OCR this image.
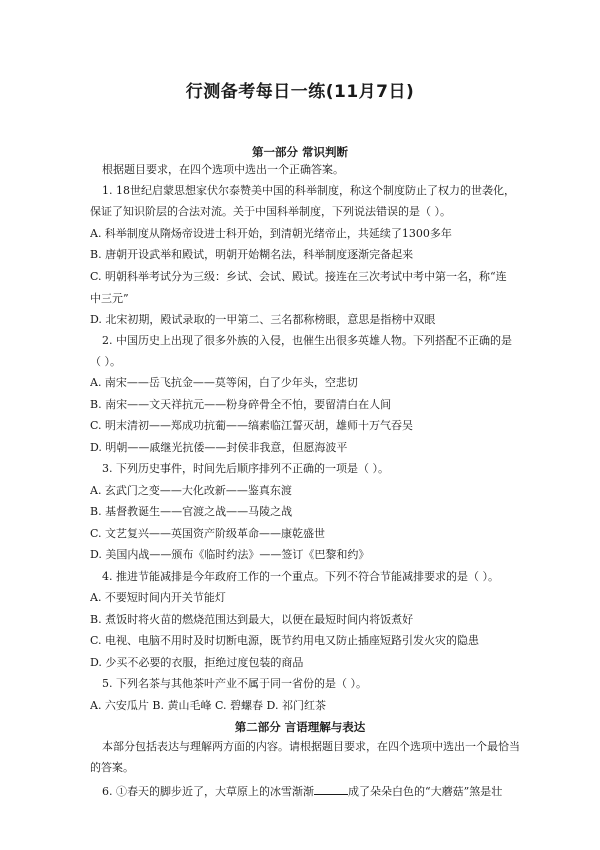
行测备考每日一练(11月7日)
第一部分 常识判断
根据题目要求，在四个选项中选出一个正确答案。
1. 18世纪启蒙思想家伏尔泰赞美中国的科举制度，称这个制度防止了权力的世袭化，
保证了知识阶层的合法对流。关于中国科举制度，下列说法错误的是（ ）。
A. 科举制度从隋炀帝设进士科开始，到清朝光绪帝止，共延续了1300多年
B. 唐朝开设武举和殿试，明朝开始糊名法，科举制度逐渐完备起来
C. 明朝科举考试分为三级：乡试、会试、殿试。接连在三次考试中考中第一名，称“连
中三元”
D. 北宋初期，殿试录取的一甲第二、三名都称榜眼，意思是指榜中双眼
2. 中国历史上出现了很多外族的入侵，也催生出很多英雄人物。下列搭配不正确的是
（ ）。
A. 南宋——岳飞抗金——莫等闲，白了少年头，空悲切
B. 南宋——文天祥抗元——粉身碎骨全不怕，要留清白在人间
C. 明末清初——郑成功抗葡——缟素临江誓灭胡，雄师十万气吞吴
D. 明朝——戚继光抗倭——封侯非我意，但愿海波平
3. 下列历史事件，时间先后顺序排列不正确的一项是（ ）。
A. 玄武门之变——大化改新——鉴真东渡
B. 基督教诞生——官渡之战——马陵之战
C. 文艺复兴——英国资产阶级革命——康乾盛世
D. 美国内战——颁布《临时约法》——签订《巴黎和约》
4. 推进节能减排是今年政府工作的一个重点。下列不符合节能减排要求的是（ ）。
A. 不要短时间内开关节能灯
B. 煮饭时将火苗的燃烧范围达到最大，以便在最短时间内将饭煮好
C. 电视、电脑不用时及时切断电源，既节约用电又防止插座短路引发火灾的隐患
D. 少买不必要的衣服，拒绝过度包装的商品
5. 下列名茶与其他茶叶产业不属于同一省份的是（ ）。
A. 六安瓜片 B. 黄山毛峰 C. 碧螺春 D. 祁门红茶
第二部分 言语理解与表达
本部分包括表达与理解两方面的内容。请根据题目要求，在四个选项中选出一个最恰当
的答案。
6. ①春天的脚步近了，大草原上的冰雪渐渐	成了朵朵白色的“大蘑菇”煞是壮
